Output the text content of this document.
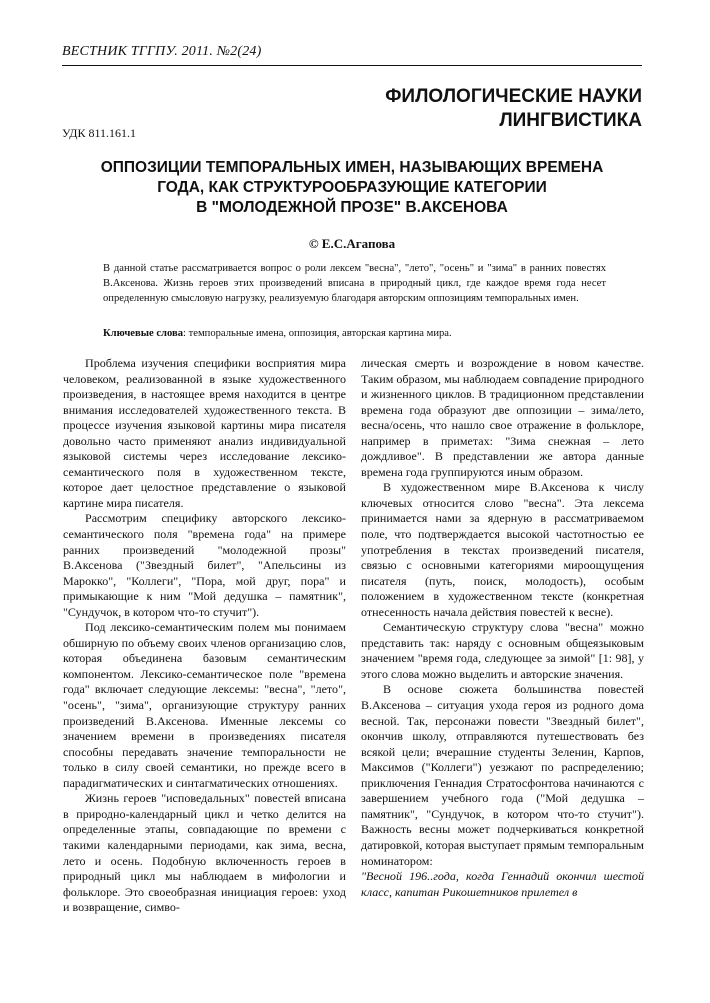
ВЕСТНИК ТГГПУ. 2011. №2(24)
ФИЛОЛОГИЧЕСКИЕ НАУКИ
ЛИНГВИСТИКА
УДК 811.161.1
ОППОЗИЦИИ ТЕМПОРАЛЬНЫХ ИМЕН, НАЗЫВАЮЩИХ ВРЕМЕНА
ГОДА, КАК СТРУКТУРООБРАЗУЮЩИЕ КАТЕГОРИИ
В "МОЛОДЕЖНОЙ ПРОЗЕ" В.АКСЕНОВА
© Е.С.Агапова

В данной статье рассматривается вопрос о роли лексем "весна", "лето", "осень" и "зима" в ранних повестях В.Аксенова. Жизнь героев этих произведений вписана в природный цикл, где каждое время года несет определенную смысловую нагрузку, реализуемую благодаря авторским оппозициям темпоральных имен.

Ключевые слова: темпоральные имена, оппозиция, авторская картина мира.

Проблема изучения специфики восприятия мира человеком, реализованной в языке художественного произведения, в настоящее время находится в центре внимания исследователей художественного текста. В процессе изучения языковой картины мира писателя довольно часто применяют анализ индивидуальной языковой системы через исследование лексико-семантического поля в художественном тексте, которое дает целостное представление о языковой картине мира писателя.

Рассмотрим специфику авторского лексико-семантического поля "времена года" на примере ранних произведений "молодежной прозы" В.Аксенова ("Звездный билет", "Апельсины из Марокко", "Коллеги", "Пора, мой друг, пора" и примыкающие к ним "Мой дедушка – памятник", "Сундучок, в котором что-то стучит").

Под лексико-семантическим полем мы понимаем обширную по объему своих членов организацию слов, которая объединена базовым семантическим компонентом. Лексико-семантическое поле "времена года" включает следующие лексемы: "весна", "лето", "осень", "зима", организующие структуру ранних произведений В.Аксенова. Именные лексемы со значением времени в произведениях писателя способны передавать значение темпоральности не только в силу своей семантики, но прежде всего в парадигматических и синтагматических отношениях.

Жизнь героев "исповедальных" повестей вписана в природно-календарный цикл и четко делится на определенные этапы, совпадающие по времени с такими календарными периодами, как зима, весна, лето и осень. Подобную включенность героев в природный цикл мы наблюдаем в мифологии и фольклоре. Это своеобразная инициация героев: уход и возвращение, симво-

лическая смерть и возрождение в новом качестве. Таким образом, мы наблюдаем совпадение природного и жизненного циклов. В традиционном представлении времена года образуют две оппозиции – зима/лето, весна/осень, что нашло свое отражение в фольклоре, например в приметах: "Зима снежная – лето дождливое". В представлении же автора данные времена года группируются иным образом.

В художественном мире В.Аксенова к числу ключевых относится слово "весна". Эта лексема принимается нами за ядерную в рассматриваемом поле, что подтверждается высокой частотностью ее употребления в текстах произведений писателя, связью с основными категориями мироощущения писателя (путь, поиск, молодость), особым положением в художественном тексте (конкретная отнесенность начала действия повестей к весне).

Семантическую структуру слова "весна" можно представить так: наряду с основным общеязыковым значением "время года, следующее за зимой" [1: 98], у этого слова можно выделить и авторские значения.

В основе сюжета большинства повестей В.Аксенова – ситуация ухода героя из родного дома весной. Так, персонажи повести "Звездный билет", окончив школу, отправляются путешествовать без всякой цели; вчерашние студенты Зеленин, Карпов, Максимов ("Коллеги") уезжают по распределению; приключения Геннадия Стратосфонтова начинаются с завершением учебного года ("Мой дедушка – памятник", "Сундучок, в котором что-то стучит"). Важность весны может подчеркиваться конкретной датировкой, которая выступает прямым темпоральным номинатором:

"Весной 196..года, когда Геннадий окончил шестой класс, капитан Рикошетников прилетел в
